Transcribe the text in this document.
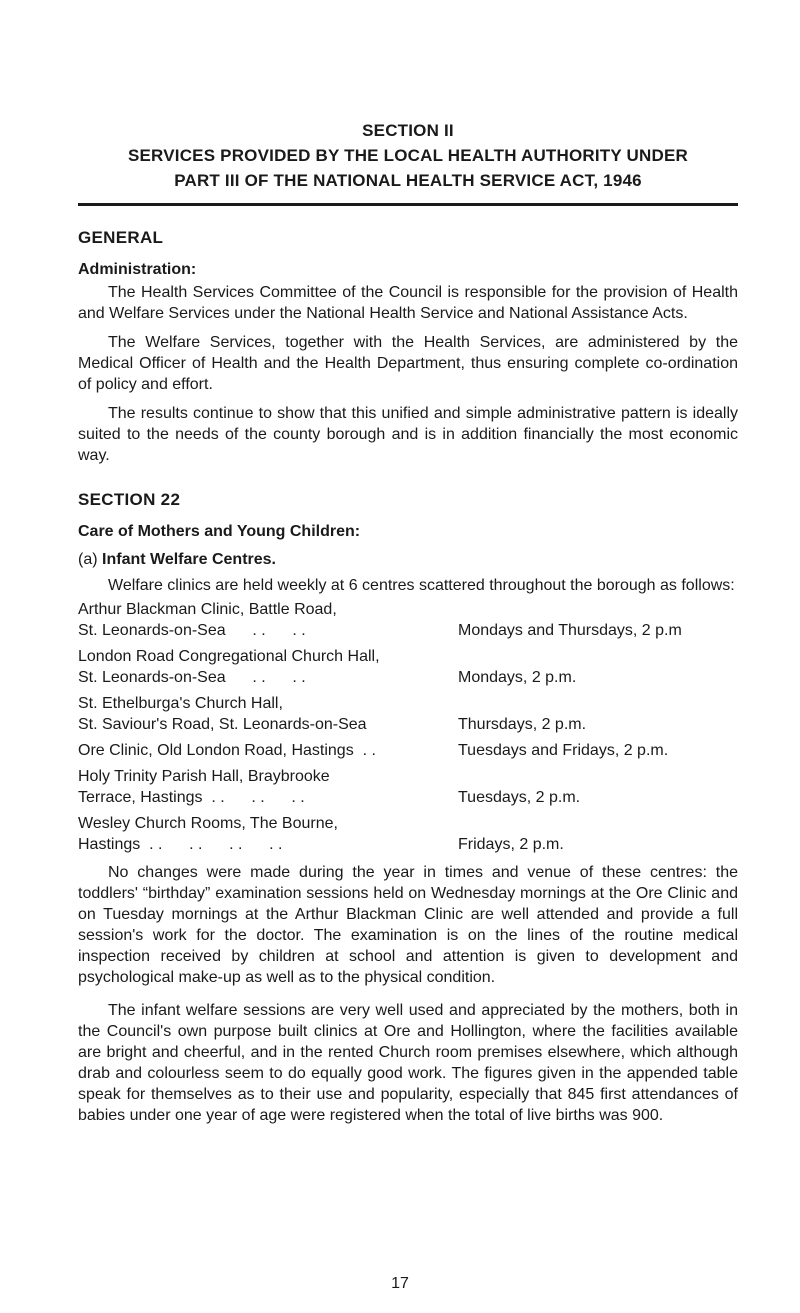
SECTION II
SERVICES PROVIDED BY THE LOCAL HEALTH AUTHORITY UNDER
PART III OF THE NATIONAL HEALTH SERVICE ACT, 1946
GENERAL
Administration:

The Health Services Committee of the Council is responsible for the provision of Health and Welfare Services under the National Health Service and National Assistance Acts.

The Welfare Services, together with the Health Services, are administered by the Medical Officer of Health and the Health Department, thus ensuring complete co-ordination of policy and effort.

The results continue to show that this unified and simple administrative pattern is ideally suited to the needs of the county borough and is in addition financially the most economic way.

SECTION 22
Care of Mothers and Young Children:
(a) Infant Welfare Centres.

Welfare clinics are held weekly at 6 centres scattered throughout the borough as follows:

Arthur Blackman Clinic, Battle Road,	
St. Leonards-on-Sea      . .      . .	Mondays and Thursdays, 2 p.m
London Road Congregational Church Hall,	
St. Leonards-on-Sea      . .      . .	Mondays, 2 p.m.
St. Ethelburga's Church Hall,	
St. Saviour's Road, St. Leonards-on-Sea	Thursdays, 2 p.m.
Ore Clinic, Old London Road, Hastings  . .	Tuesdays and Fridays, 2 p.m.
Holy Trinity Parish Hall, Braybrooke	
Terrace, Hastings  . .      . .      . .	Tuesdays, 2 p.m.
Wesley Church Rooms, The Bourne,	
Hastings  . .      . .      . .      . .	Fridays, 2 p.m.

No changes were made during the year in times and venue of these centres: the toddlers' “birthday” examination sessions held on Wednesday mornings at the Ore Clinic and on Tuesday mornings at the Arthur Blackman Clinic are well attended and provide a full session's work for the doctor. The examination is on the lines of the routine medical inspection received by children at school and attention is given to development and psychological make-up as well as to the physical condition.

The infant welfare sessions are very well used and appreciated by the mothers, both in the Council's own purpose built clinics at Ore and Hollington, where the facilities available are bright and cheerful, and in the rented Church room premises elsewhere, which although drab and colourless seem to do equally good work. The figures given in the appended table speak for themselves as to their use and popularity, especially that 845 first attendances of babies under one year of age were registered when the total of live births was 900.

17
